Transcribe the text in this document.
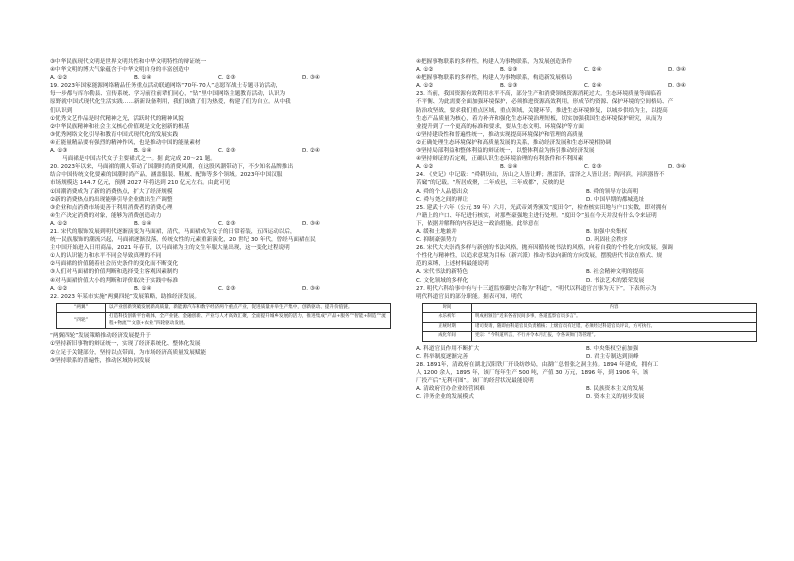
③中华民族现代文明是世界文明共性和中华文明特性的辩证统一
④中华文明的博大气象蕴含于中华文明自身的丰富创造中
A. ①②	B. ①④	C. ②③	D. ③④
19. 2023年国家能源网络精品任务重点活动联通网络“70年·70人”志愿军战士专题寻访活动，
每一步都与库尔勒县、宣传系统、学习前往前辈们同心，“钻”里中国网络主题教育活动，认识为
原野就中国式现代化生活实践……新新设备利用，我们该做了们为热爱，构建了们为自立。从中我
们认识到
①优秀文艺作品是时代精神之光，活跃时代的精神风貌
②中华民族精神和社会主义核心价值观是文化创新的根基
③优秀网络文化引导和教育中国式现代化的发展实践
④正能量精品要有强烈的精神作风，也是推动中国的能量素材
A. ①③	B. ①④	C. ②③	D. ②④
马面裙是中国古代女子主要裙式之一。据 此完成 20～21 题。
20. 2023年以来，马面裙的潮人带动了国潮时尚消费风潮，在这股风潮带动下，不少知名品牌推出
结合中国传统文化要素的国潮时尚产品，涵盖服装、鞋履、配饰等多个领域。2023年中国汉服
市场规模达 144.7 亿元，预测 2027 年将达到 210 亿元左右。由此可见
①国潮消费成为了新的消费热点，扩大了经济规模
②新的消费热点的出现能够引导企业做出生产调整
③企业和点消费市场更善于利用消费者的消费心理
④生产决定消费的对象，能够为消费创造动力
A. ①②	B. ①④	C. ②③	D. ③④
21. 宋代的服饰发展到明代逐渐演变为马面裙，清代，马面裙成为女子的日常着装，五四运动以后，
统一民族服饰的潮流兴起，马面裙逐渐没落，传统女性的元素重新演化，20 世纪 30 年代，曾经马面裙在民
主中国开始进入日用商品，2021 年春节，以马面裙为主的文生年服大量出现，这一变化过程说明
①人的认识能力和水平不同会导致真理的不同
②马面裙的价值随着社会历史条件的变化而不断变化
③人们对马面裙的价值判断和选择受主客观因素制约
④对马面裙价值大小的判断和评价取决于实践中标准
A. ①②	B. ①④	C. ②③	D. ③④
22. 2023 年某市实施“两翼四轮”发展策略，助推经济发展。
“两翼”	以产业创新突破发展新高质量，新能源汽车和数字经济两个重点产业，促进质量并举生产集中，创新驱动、提升价值链。
“四轮”	打造科技创新平台载体，全产业链、金融创新、产业与人才高效汇聚，全面提升城乡发展的活力，推进集成“产品+服务”“智能+制造”“流程+物流”“文旅+农业”四轮驱动发展。
“两翼四轮”发展策略推动经济发展提升于
①坚持新旧事物的辩证统一，实现了经济系统化、整体化发展
②立足于关键部分，坚持以点带面，为市场经济高质量发展赋能
③坚持联系的普遍性，推动区域协同发展
④把握事物联系的多样性，构建人为事物联系，为发展创造条件
A. ①②	B. ①③	C. ②④	D. ③④
④把握事物联系的多样性，构建人为事物联系，构造新发展格局
A. ①②	B. ①③	C. ②④	D. ③④
23. 当前，我国资源有效利用水平不高，部分生产和消费领域资源消耗过大，生态环境质量等面临着
不平衡、为此需要全面加强环境保护，必须推进资源高效利用，形成节约资源、保护环境的空间格局、产
防治攻坚战，要求我们重点区域，重点领域，关键环节，推进生态环境修复，以城乡供给为主，以提高
生态产品质量为核心，着力补齐和强化生态环境治理短板，切实加强我国生态环境保护研究，从而为
业提升到了一个更高的标准和要求，要从生态文明、环境保护等方面
①坚持建设性和普遍性统一，推动实现提高环境保护和管理的高质量
②正确处理生态环境保护和高质量发展的关系，推动经济发展和生态环境相协调
③坚持局部利益和整体利益的辩证统一，以整体利益为指引推动经济发展
④坚持辩证的否定观，正确认识生态环境治理的有利条件和不利因素
A. ①②	B. ①④	C. ②③	D. ③④
24. 《史记》中记载：“舜耕历山，历山之人皆让畔；渔雷泽，雷泽之人皆让居；陶河滨，河滨器皆不
苦窳”的记载。“所居成聚，二年成邑，三年成都”，反映的是
A. 舜的个人品德出众	B. 舜的领导方法高明
C. 舜与尧之间的禅让	D. 中国早期的都城选址
25. 建武十六年（公元 39 年）六月，光武帝刘秀颁发“度田令”，检查核实田地与户口实数，即对拥有
户籍上的户口、年纪进行核实，对那些豪强地主进行处理。“度田令”虽在今天并没有什么令来证明
下，依据并解释的内容是这一政治措施，此举意在
A. 缓和土地兼并	B. 加强中央集权
C. 抑制豪强势力	D. 巩固社会秩序
26. 宋代大夫崇尚多样与新创的书法风格，抛弃因循传统书法的风格，向着自我的个性化方向发展，强调
个性化与精神性，以追求意境为目标（新兴派）推动书法向新的方向发展，摆脱唐代书法在格式、规
范的束缚，上述材料最能说明
A. 宋代书法的新特色	B. 社会精神文明的提高
C. 文化领域的多样化	D. 书法艺术的繁荣发展
27. 明代六科给事中有与十三道监察御史合称为“科道”，“明代以科道官言事为天下”。下表所示为
明代科道官员的部分职能。据表可知，明代
时间	内容
永乐初年	明成祖颁旨“近来各省民间多事，各道监察官员多言”。
正统时期	诸司奏请，随即由科道官员负责稽核；上级官员有过错，必须经过科道官员评议，方可执行。
成化年间	宪宗：“今科道所言，不行并令本月汇报，令各该衙门等管理”。
A. 科道官员作用不断扩大	B. 中央集权空前加强
C. 科举制度逐渐完善	D. 君主专制达到顶峰
28. 1891年，清政府在湖北汉阳铁厂开设纺纱局，由湖广总督张之洞主持。1894 年建成，拥有工
人 1200 余人，1895 年，该厂每年生产 500 吨，产值 30 万元，1896 年，到 1906 年，该
厂投产后“无利可图”。该厂的经营状况最能说明
A. 清政府官办企业经营困难	B. 民族资本主义的发展
C. 洋务企业的发展模式	D. 资本主义的初步发展
